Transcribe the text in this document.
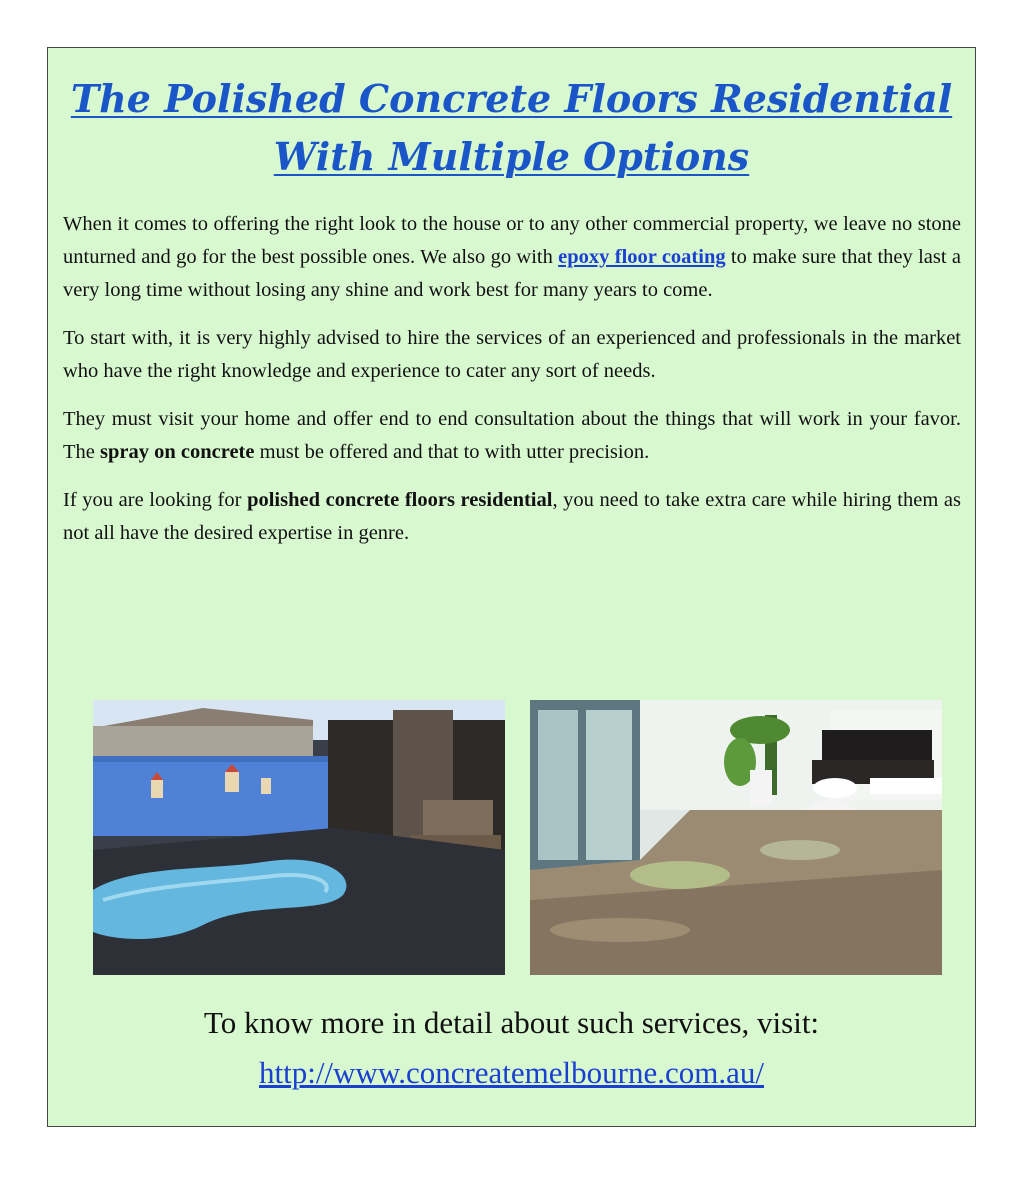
The Polished Concrete Floors Residential
With Multiple Options

When it comes to offering the right look to the house or to any other commercial property, we leave no stone unturned and go for the best possible ones. We also go with epoxy floor coating to make sure that they last a very long time without losing any shine and work best for many years to come.

To start with, it is very highly advised to hire the services of an experienced and professionals in the market who have the right knowledge and experience to cater any sort of needs.

They must visit your home and offer end to end consultation about the things that will work in your favor. The spray on concrete must be offered and that to with utter precision.

If you are looking for polished concrete floors residential, you need to take extra care while hiring them as not all have the desired expertise in genre.

To know more in detail about such services, visit:
http://www.concreatemelbourne.com.au/
